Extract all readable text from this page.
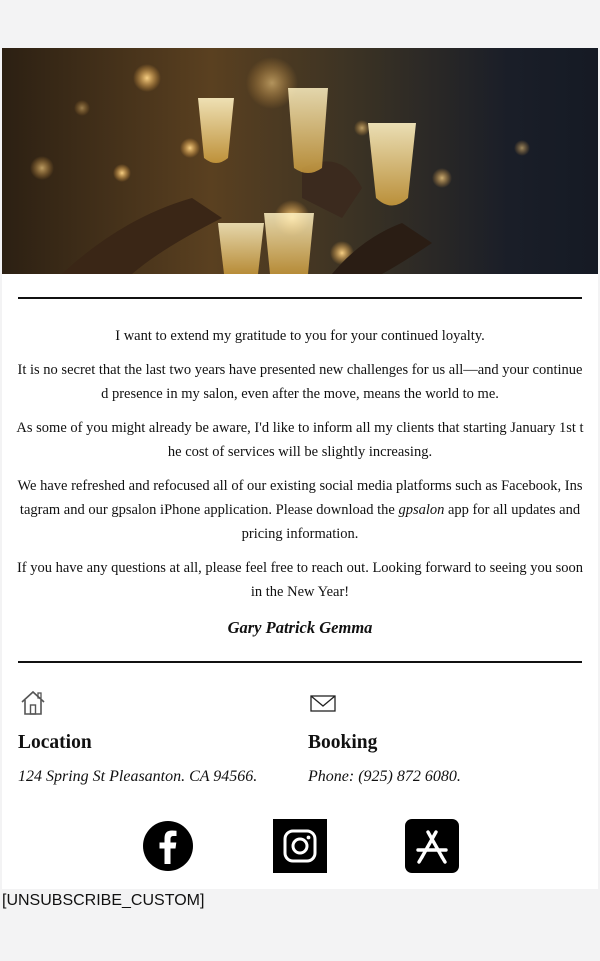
I want to extend my gratitude to you for your continued loyalty.

It is no secret that the last two years have presented new challenges for us all—and your continued presence in my salon, even after the move, means the world to me.

As some of you might already be aware, I'd like to inform all my clients that starting January 1st the cost of services will be slightly increasing.

We have refreshed and refocused all of our existing social media platforms such as Facebook, Instagram and our gpsalon iPhone application. Please download the gpsalon app for all updates and pricing information.

If you have any questions at all, please feel free to reach out. Looking forward to seeing you soon in the New Year!

Gary Patrick Gemma

Location
124 Spring St Pleasanton. CA 94566.
Booking
Phone: (925) 872 6080.
[UNSUBSCRIBE_CUSTOM]
